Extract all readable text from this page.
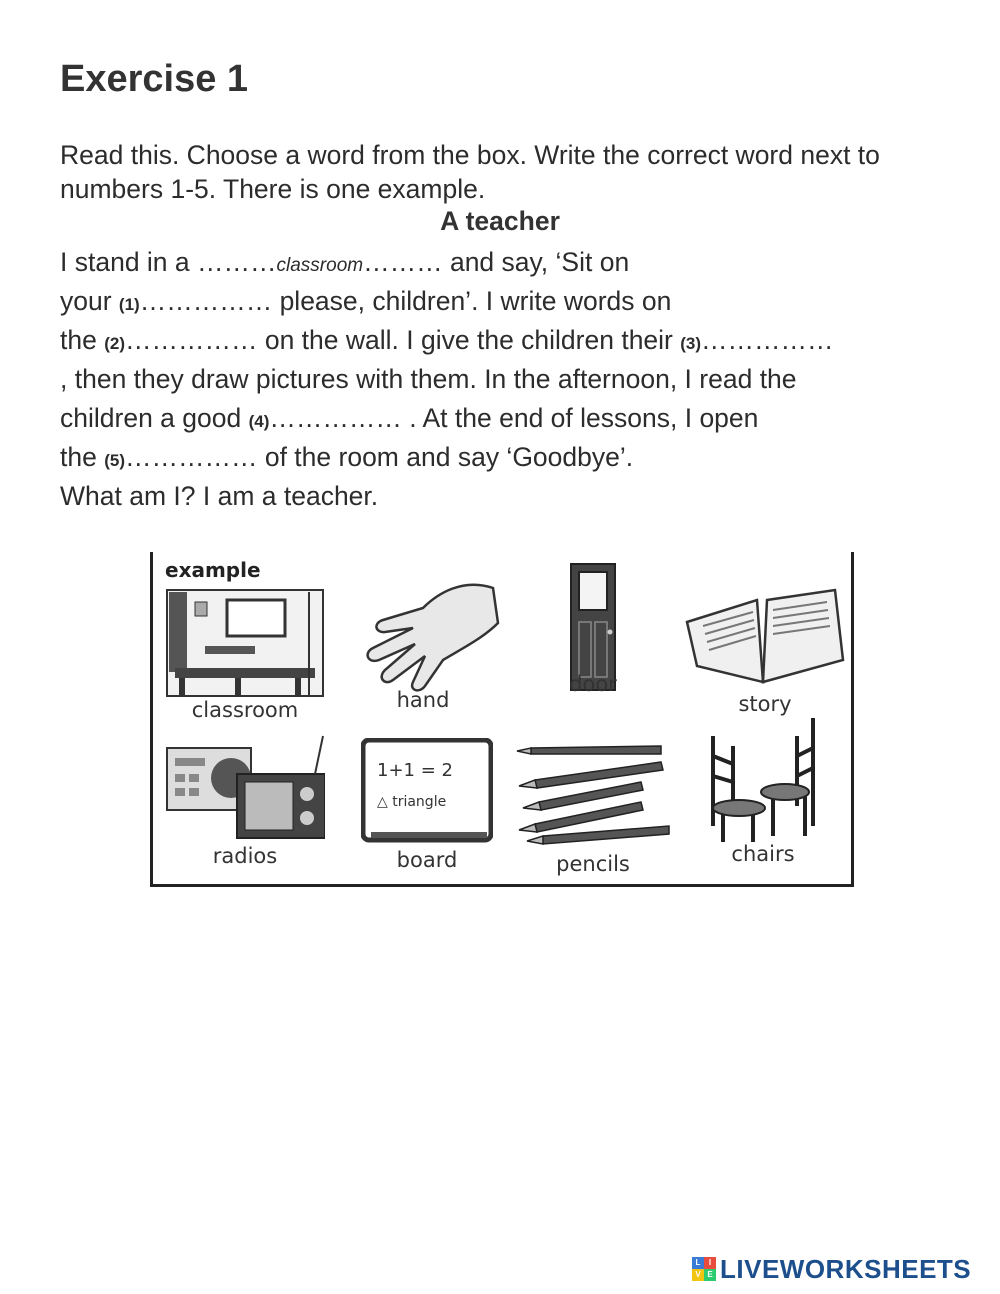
Exercise 1

Read this. Choose a word from the box. Write the correct word next to numbers 1-5. There is one example.

A teacher

I stand in a ………classroom……… and say, ‘Sit on

your (1)…………… please, children’. I write words on

the (2)…………… on the wall. I give the children their (3)……………

, then they draw pictures with them. In the afternoon, I read the

children a good (4)…………… . At the end of lessons, I open

the (5)…………… of the room and say ‘Goodbye’.

What am I? I am a teacher.

example
classroom	hand
door
story
radios
1+1 = 2
△ triangle
board	pencils	chairs
L	I
V E LIVEWORKSHEETS
